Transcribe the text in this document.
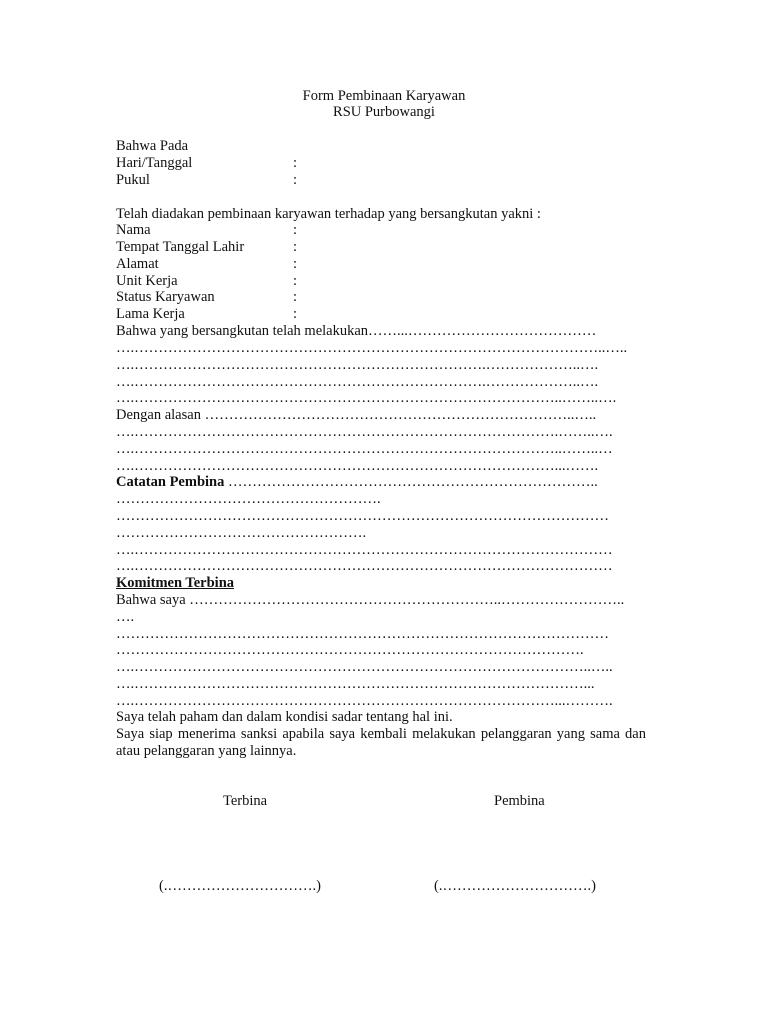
Form Pembinaan Karyawan

RSU Purbowangi

Bahwa Pada

Hari/Tanggal	:
Pukul	:

Telah diadakan pembinaan karyawan terhadap yang bersangkutan yakni :

Nama	:
Tempat Tanggal Lahir	:
Alamat	:
Unit Kerja	:
Status Karyawan	:
Lama Kerja	:

Bahwa yang bersangkutan telah melakukan……...…………………………………

….……………………………………………………………………………………..…..

….……………………………………………………………….………………..….

….……………………………………………………………….………………..….

….……………………………………………………………………………..……..….

Dengan alasan …………………………………………………………………..…..

….…………………………………………………………………………….……..….

….……………………………………………………………………………..……..…

….……………………………………………………………………………...…….

Catatan Pembina …………………………………………………………………..

……………………………………………….

…………………………………………………………………………………………

…………………………………………….

….………………………………………………………………………………………

….………………………………………………………………………………………

Komitmen Terbina

Bahwa saya ………………………………………………………..……………………..

….

…………………………………………………………………………………………

…………………………………………………………………………………….

….…………………………………………………………………………………..…..

….…………………………………………………………………………………...

….……………………………………………………………………………...……….

Saya telah paham dan dalam kondisi sadar tentang hal ini.

Saya siap menerima sanksi apabila saya kembali melakukan pelanggaran yang sama dan atau pelanggaran yang lainnya.

Terbina	Pembina
(.………………………….)	(.………………………….)
